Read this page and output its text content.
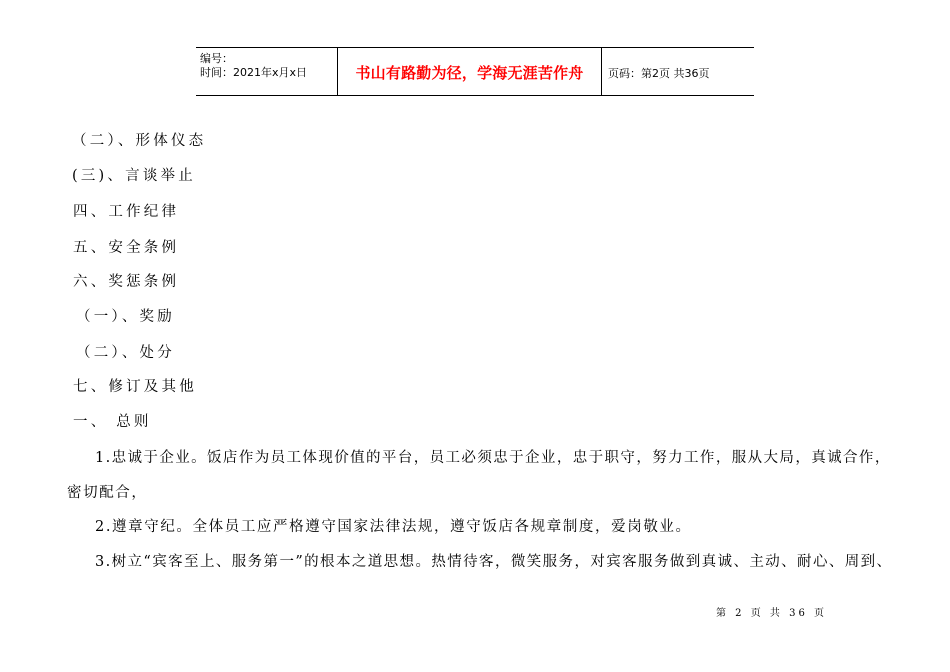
编号：
时间：2021年x月x日	书山有路勤为径，学海无涯苦作舟	页码：第2页 共36页
（二）、形体仪态
(三)、言谈举止
四、工作纪律
五、安全条例
六、奖惩条例
（一）、奖励
（二）、处分
七、修订及其他
一、 总则
1.忠诚于企业。饭店作为员工体现价值的平台，员工必须忠于企业，忠于职守，努力工作，服从大局，真诚合作，
密切配合，
2.遵章守纪。全体员工应严格遵守国家法律法规，遵守饭店各规章制度，爱岗敬业。
3.树立“宾客至上、服务第一”的根本之道思想。热情待客，微笑服务，对宾客服务做到真诚、主动、耐心、周到、
第 2 页 共 36 页
